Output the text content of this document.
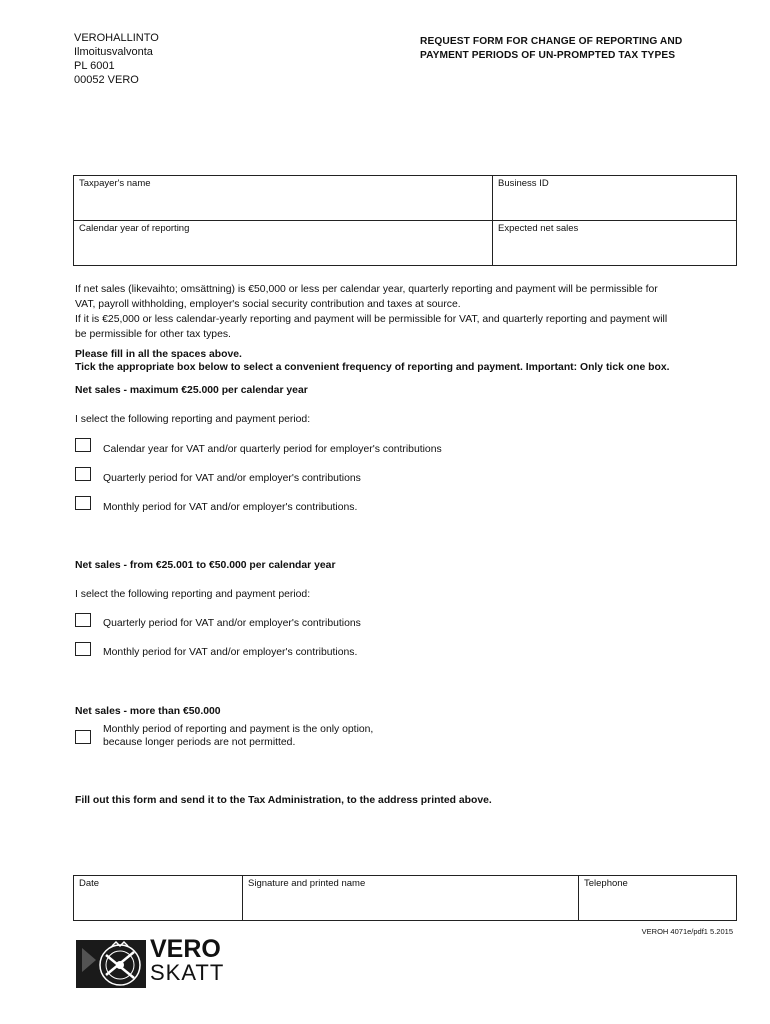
VEROHALLINTO
Ilmoitusvalvonta
PL 6001
00052 VERO
REQUEST FORM FOR CHANGE OF REPORTING AND
PAYMENT PERIODS OF UN-PROMPTED TAX TYPES
Taxpayer's name	Business ID
Calendar year of reporting	Expected net sales

If net sales (likevaihto; omsättning) is €50,000 or less per calendar year, quarterly reporting and payment will be permissible for

VAT, payroll withholding, employer's social security contribution and taxes at source.

If it is €25,000 or less calendar-yearly reporting and payment will be permissible for VAT, and quarterly reporting and payment will

be permissible for other tax types.

Please fill in all the spaces above.
Tick the appropriate box below to select a convenient frequency of reporting and payment. Important: Only tick one box.
Net sales - maximum €25.000 per calendar year
I select the following reporting and payment period:
Calendar year for VAT and/or quarterly period for employer's contributions
Quarterly period for VAT and/or employer's contributions
Monthly period for VAT and/or employer's contributions.
Net sales - from €25.001 to €50.000 per calendar year
I select the following reporting and payment period:
Quarterly period for VAT and/or employer's contributions
Monthly period for VAT and/or employer's contributions.
Net sales - more than €50.000
Monthly period of reporting and payment is the only option,
because longer periods are not permitted.
Fill out this form and send it to the Tax Administration, to the address printed above.
Date	Signature and printed name	Telephone
VEROH 4071e/pdf1 5.2015
VERO
SKATT
